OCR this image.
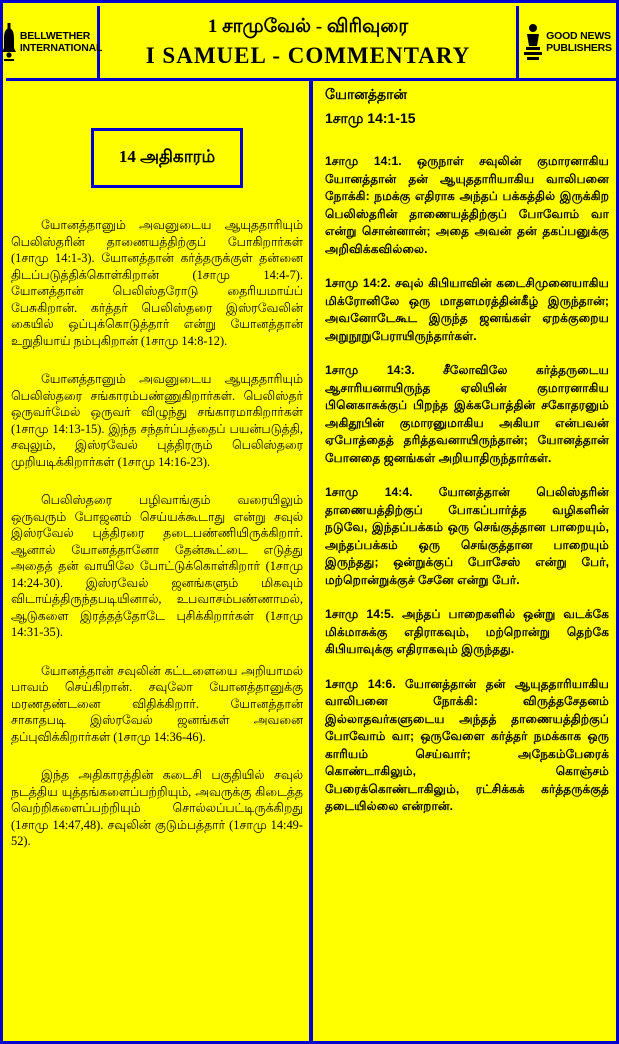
BELLWETHER
INTERNATIONAL
1 சாமுவேல் - விரிவுரை
I SAMUEL - COMMENTARY
GOOD NEWS
PUBLISHERS
14 அதிகாரம்

யோனத்தானும் அவனுடைய ஆயுததாரியும் பெலிஸ்தரின் தாணையத்திற்குப் போகிறார்கள் (1சாமு 14:1-3). யோனத்தான் கர்த்தருக்குள் தன்னை திடப்படுத்திக்கொள்கிறான் (1சாமு 14:4-7). யோனத்தான் பெலிஸ்தரோடு தைரியமாய்ப் பேசுகிறான். கர்த்தர் பெலிஸ்தரை இஸ்ரவேலின் கையில் ஒப்புக்கொடுத்தார் என்று யோனத்தான் உறுதியாய் நம்புகிறான் (1சாமு 14:8-12).

யோனத்தானும் அவனுடைய ஆயுததாரியும் பெலிஸ்தரை சங்காரம்பண்ணுகிறார்கள். பெலிஸ்தர் ஒருவர்மேல் ஒருவர் விழுந்து சங்காரமாகிறார்கள் (1சாமு 14:13-15). இந்த சந்தர்ப்பத்தைப் பயன்படுத்தி, சவுலும், இஸ்ரவேல் புத்திரரும் பெலிஸ்தரை முறியடிக்கிறார்கள் (1சாமு 14:16-23).

பெலிஸ்தரை பழிவாங்கும் வரையிலும் ஒருவரும் போஜனம் செய்யக்கூடாது என்று சவுல் இஸ்ரவேல் புத்திரரை தடைபண்ணியிருக்கிறார். ஆனால் யோனத்தானோ தேன்கூட்டை எடுத்து அதைத் தன் வாயிலே போட்டுக்கொள்கிறார் (1சாமு 14:24-30). இஸ்ரவேல் ஜனங்களும் மிகவும் விடாய்த்திருந்தபடியினால், உபவாசம்பண்ணாமல், ஆடுகளை இரத்தத்தோடே புசிக்கிறார்கள் (1சாமு 14:31-35).

யோனத்தான் சவுலின் கட்டளையை அறியாமல் பாவம் செய்கிறான். சவுலோ யோனத்தானுக்கு மரணதண்டனை விதிக்கிறார். யோனத்தான் சாகாதபடி இஸ்ரவேல் ஜனங்கள் அவனை தப்புவிக்கிறார்கள் (1சாமு 14:36-46).

இந்த அதிகாரத்தின் கடைசி பகுதியில் சவுல் நடத்திய யுத்தங்களைப்பற்றியும், அவருக்கு கிடைத்த வெற்றிகளைப்பற்றியும் சொல்லப்பட்டிருக்கிறது (1சாமு 14:47,48). சவுலின் குடும்பத்தார் (1சாமு 14:49-52).

யோனத்தான்
1சாமு 14:1-15

1சாமு 14:1. ஒருநாள் சவுலின் குமாரனாகிய யோனத்தான் தன் ஆயுததாரியாகிய வாலிபனை நோக்கி: நமக்கு எதிராக அந்தப் பக்கத்தில் இருக்கிற பெலிஸ்தரின் தாணையத்திற்குப் போவோம் வா என்று சொன்னான்; அதை அவன் தன் தகப்பனுக்கு அறிவிக்கவில்லை.

1சாமு 14:2. சவுல் கிபியாவின் கடைசிமுனையாகிய மிக்ரோனிலே ஒரு மாதளமரத்தின்கீழ் இருந்தான்; அவனோடேகூட இருந்த ஜனங்கள் ஏறக்குறைய அறுநூறுபேராயிருந்தார்கள்.

1சாமு 14:3. சீலோவிலே கர்த்தருடைய ஆசாரியனாயிருந்த ஏலியின் குமாரனாகிய பினெகாசுக்குப் பிறந்த இக்கபோத்தின் சகோதரனும் அகிதூபின் குமாரனுமாகிய அகியா என்பவன் ஏபோத்தைத் தரித்தவனாயிருந்தான்; யோனத்தான் போனதை ஜனங்கள் அறியாதிருந்தார்கள்.

1சாமு 14:4. யோனத்தான் பெலிஸ்தரின் தாணையத்திற்குப் போகப்பார்த்த வழிகளின் நடுவே, இந்தப்பக்கம் ஒரு செங்குத்தான பாறையும், அந்தப்பக்கம் ஒரு செங்குத்தான பாறையும் இருந்தது; ஒன்றுக்குப் போசேஸ் என்று பேர், மற்றொன்றுக்குச் சேனே என்று பேர்.

1சாமு 14:5. அந்தப் பாறைகளில் ஒன்று வடக்கே மிக்மாசுக்கு எதிராகவும், மற்றொன்று தெற்கே கிபியாவுக்கு எதிராகவும் இருந்தது.

1சாமு 14:6. யோனத்தான் தன் ஆயுததாரியாகிய வாலிபனை நோக்கி: விருத்தசேதனம் இல்லாதவர்களுடைய அந்தத் தாணையத்திற்குப் போவோம் வா; ஒருவேளை கர்த்தர் நமக்காக ஒரு காரியம் செய்வார்; அநேகம்பேரைக் கொண்டாகிலும், கொஞ்சம் பேரைக்கொண்டாகிலும், ரட்சிக்கக் கர்த்தருக்குத் தடையில்லை என்றான்.
